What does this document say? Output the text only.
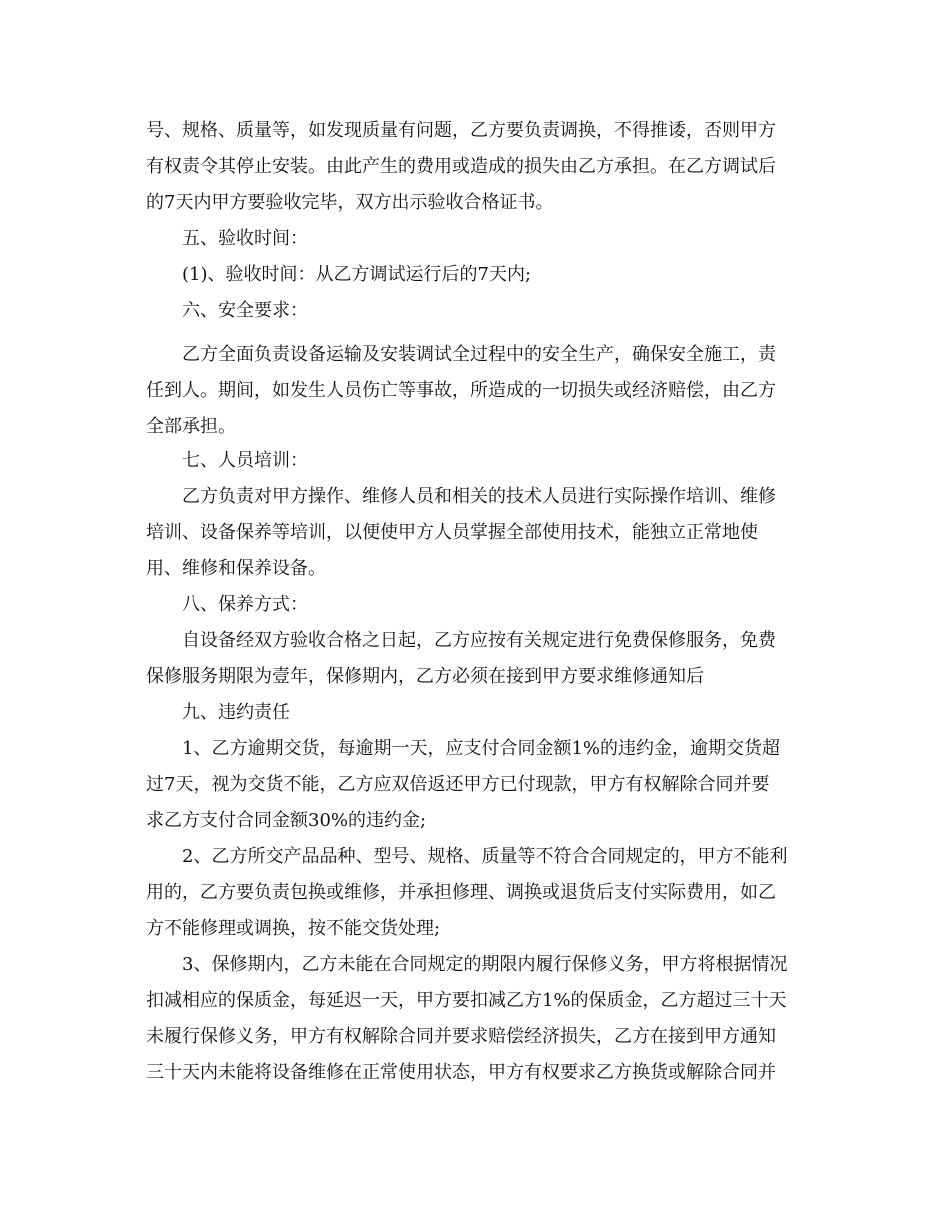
号、规格、质量等，如发现质量有问题，乙方要负责调换，不得推诿，否则甲方
有权责令其停止安装。由此产生的费用或造成的损失由乙方承担。在乙方调试后
的7天内甲方要验收完毕，双方出示验收合格证书。
五、验收时间：
(1)、验收时间：从乙方调试运行后的7天内;
六、安全要求：
乙方全面负责设备运输及安装调试全过程中的安全生产，确保安全施工，责
任到人。期间，如发生人员伤亡等事故，所造成的一切损失或经济赔偿，由乙方
全部承担。
七、人员培训：
乙方负责对甲方操作、维修人员和相关的技术人员进行实际操作培训、维修
培训、设备保养等培训，以便使甲方人员掌握全部使用技术，能独立正常地使
用、维修和保养设备。
八、保养方式：
自设备经双方验收合格之日起，乙方应按有关规定进行免费保修服务，免费
保修服务期限为壹年，保修期内，乙方必须在接到甲方要求维修通知后
九、违约责任
1、乙方逾期交货，每逾期一天，应支付合同金额1%的违约金，逾期交货超
过7天，视为交货不能，乙方应双倍返还甲方已付现款，甲方有权解除合同并要
求乙方支付合同金额30%的违约金;
2、乙方所交产品品种、型号、规格、质量等不符合合同规定的，甲方不能利
用的，乙方要负责包换或维修，并承担修理、调换或退货后支付实际费用，如乙
方不能修理或调换，按不能交货处理;
3、保修期内，乙方未能在合同规定的期限内履行保修义务，甲方将根据情况
扣减相应的保质金，每延迟一天，甲方要扣减乙方1%的保质金，乙方超过三十天
未履行保修义务，甲方有权解除合同并要求赔偿经济损失，乙方在接到甲方通知
三十天内未能将设备维修在正常使用状态，甲方有权要求乙方换货或解除合同并
